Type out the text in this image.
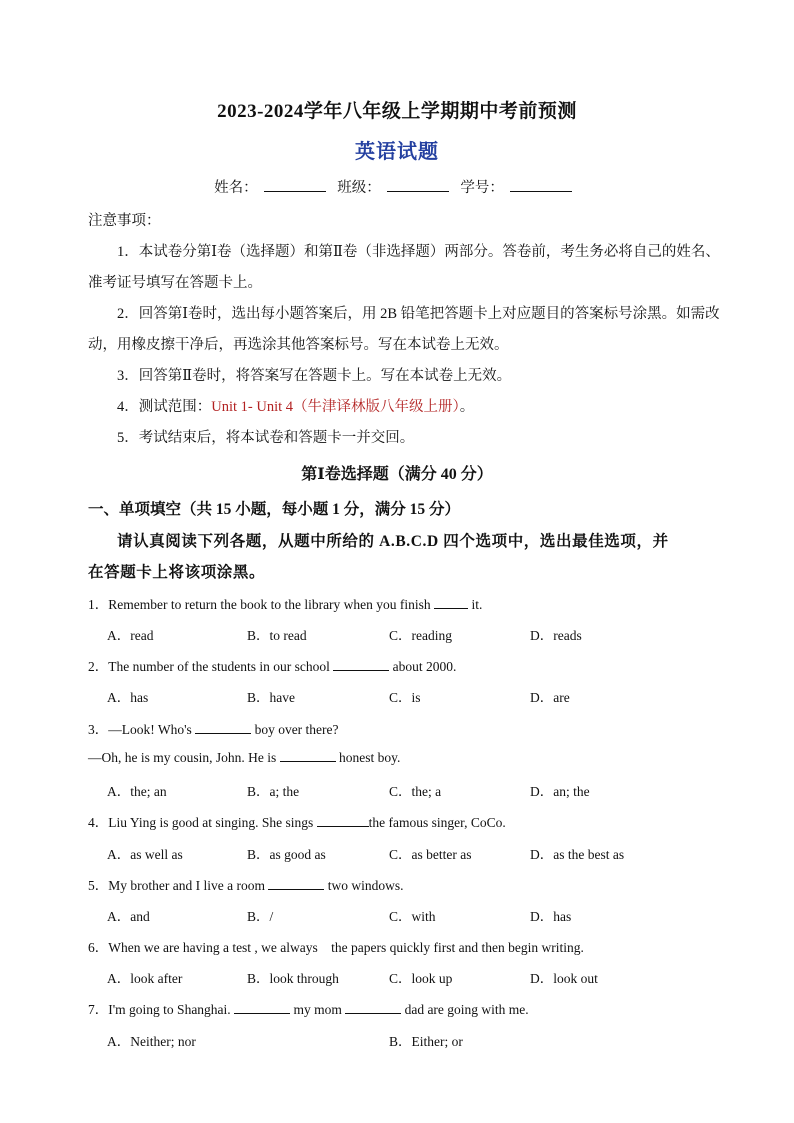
2023-2024学年八年级上学期期中考前预测
英语试题
姓名：	班级：	学号：
注意事项：
1．本试卷分第Ⅰ卷（选择题）和第Ⅱ卷（非选择题）两部分。答卷前，考生务必将自己的姓名、
准考证号填写在答题卡上。
2．回答第Ⅰ卷时，选出每小题答案后，用 2B 铅笔把答题卡上对应题目的答案标号涂黑。如需改
动，用橡皮擦干净后，再选涂其他答案标号。写在本试卷上无效。
3．回答第Ⅱ卷时，将答案写在答题卡上。写在本试卷上无效。
4．测试范围：Unit 1- Unit 4（牛津译林版八年级上册）。
5．考试结束后，将本试卷和答题卡一并交回。
第Ⅰ卷选择题（满分 40 分）
一、单项填空（共 15 小题，每小题 1 分，满分 15 分）
请认真阅读下列各题，从题中所给的 A.B.C.D 四个选项中，选出最佳选项，并
在答题卡上将该项涂黑。
1．Remember to return the book to the library when you finish	it.
A．read	B．to read	C．reading	D．reads
2．The number of the students in our school	about 2000.
A．has	B．have	C．is	D．are
3．—Look! Who's	boy over there?
—Oh, he is my cousin, John. He is	honest boy.
A．the; an	B．a; the	C．the; a	D．an; the
4．Liu Ying is good at singing. She sings	the famous singer, CoCo.
A．as well as	B．as good as	C．as better as	D．as the best as
5．My brother and I live a room	two windows.
A．and	B．/	C．with	D．has
6．When we are having a test , we always the papers quickly first and then begin writing.
A．look after	B．look through	C．look up	D．look out
7．I'm going to Shanghai.	my mom	dad are going with me.
A．Neither; nor	B．Either; or
